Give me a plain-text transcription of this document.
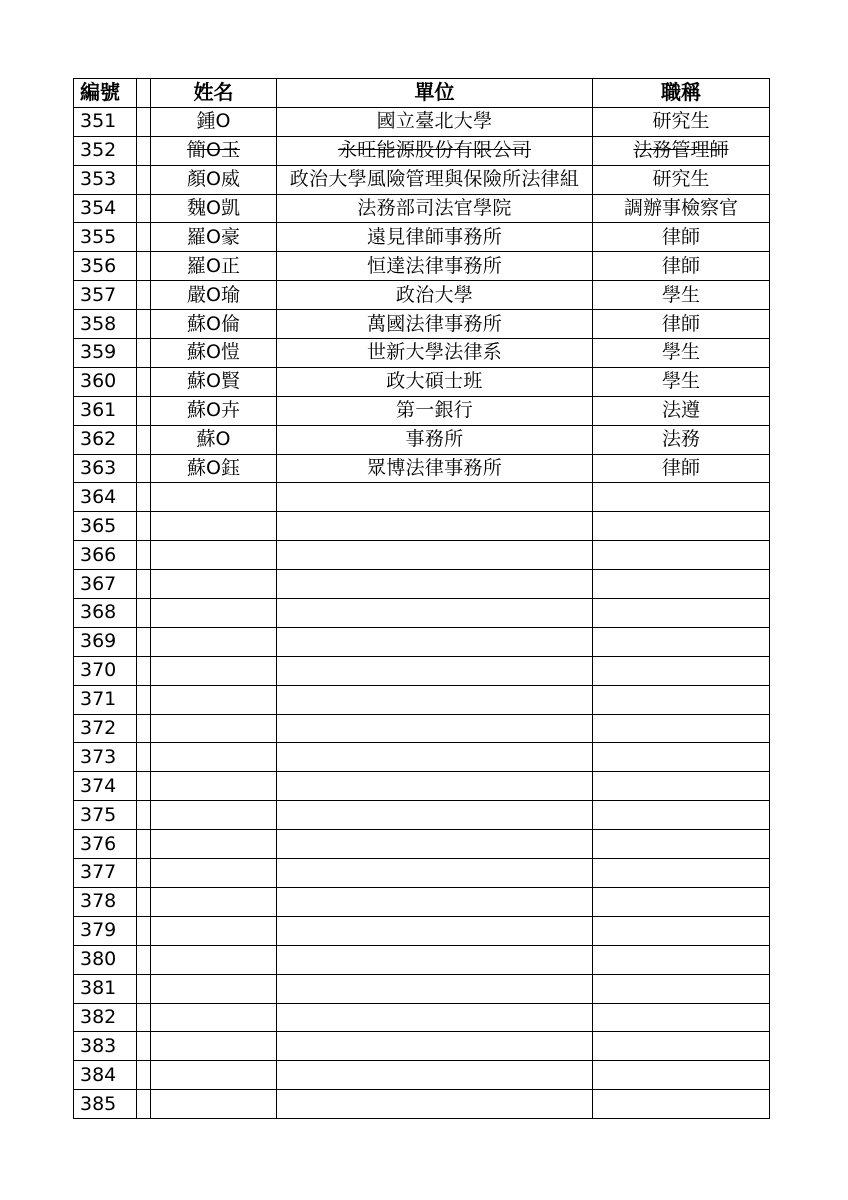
編號		姓名	單位	職稱
351		鍾O	國立臺北大學	研究生
352		簡O玉	永旺能源股份有限公司	法務管理師
353		顏O威	政治大學風險管理與保險所法律組	研究生
354		魏O凱	法務部司法官學院	調辦事檢察官
355		羅O豪	遠見律師事務所	律師
356		羅O正	恒達法律事務所	律師
357		嚴O瑜	政治大學	學生
358		蘇O倫	萬國法律事務所	律師
359		蘇O愷	世新大學法律系	學生
360		蘇O賢	政大碩士班	學生
361		蘇O卉	第一銀行	法遵
362		蘇O	事務所	法務
363		蘇O鈺	眾博法律事務所	律師
364				
365				
366				
367				
368				
369				
370				
371				
372				
373				
374				
375				
376				
377				
378				
379				
380				
381				
382				
383				
384				
385				
